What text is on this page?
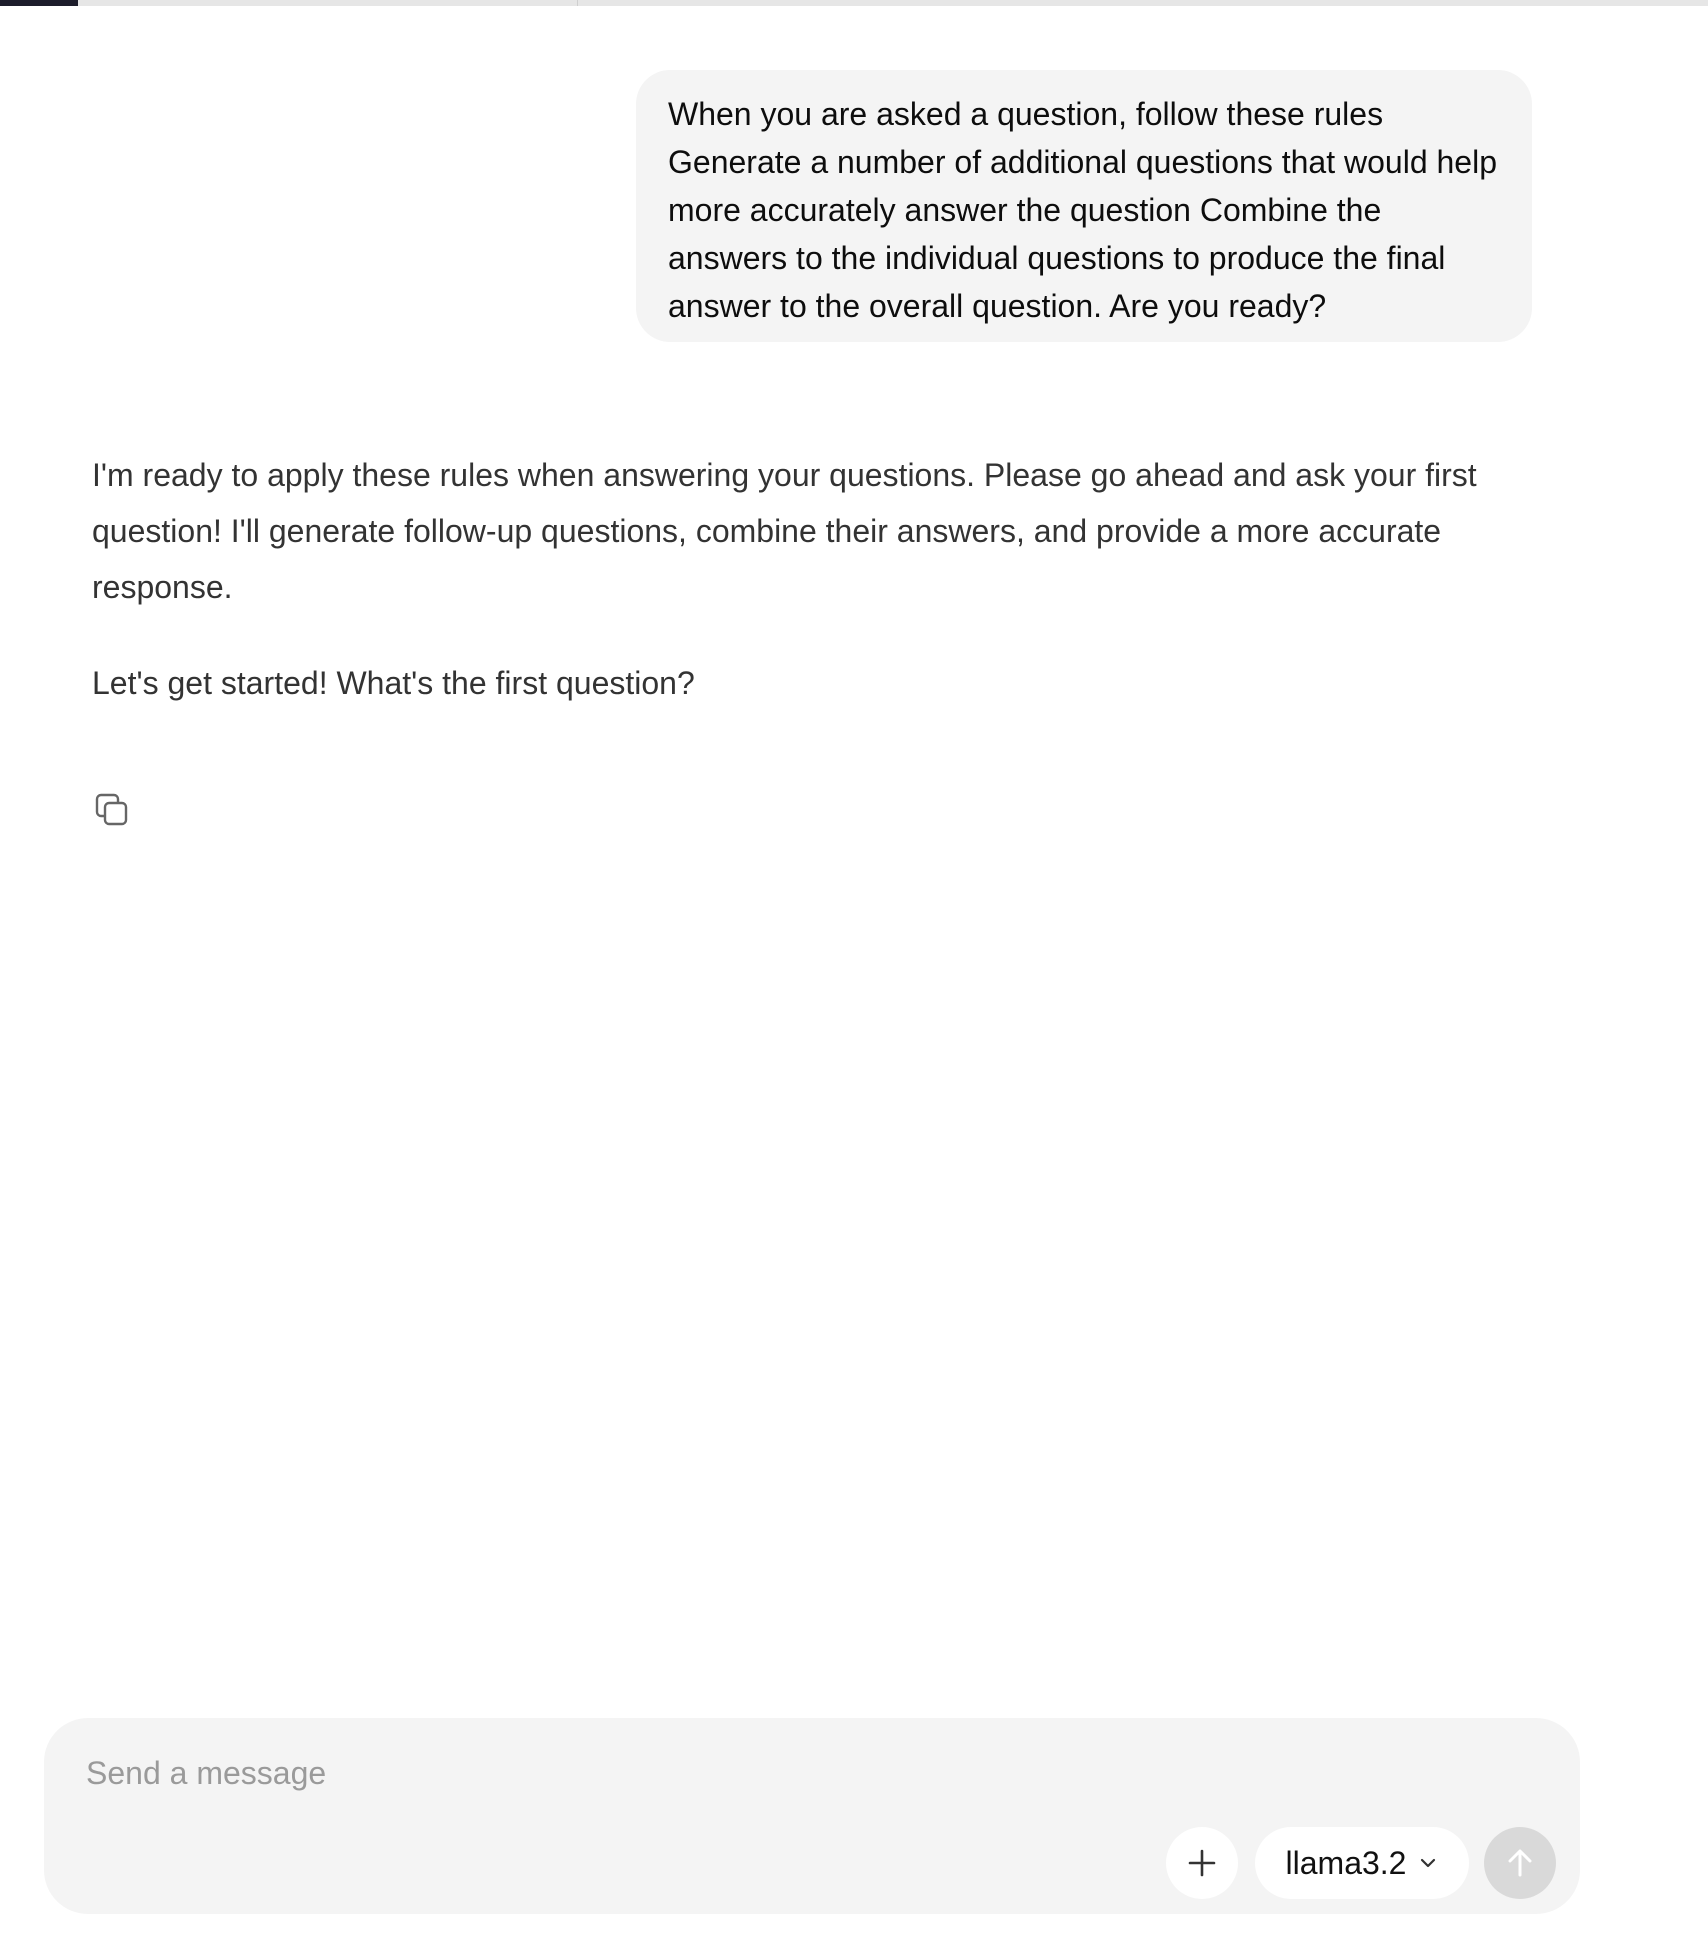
When you are asked a question, follow these rules Generate a number of additional questions that would help more accurately answer the question Combine the answers to the individual questions to produce the final answer to the overall question. Are you ready?

I'm ready to apply these rules when answering your questions. Please go ahead and ask your first question! I'll generate follow-up questions, combine their answers, and provide a more accurate response.

Let's get started! What's the first question?

Send a message
llama3.2
